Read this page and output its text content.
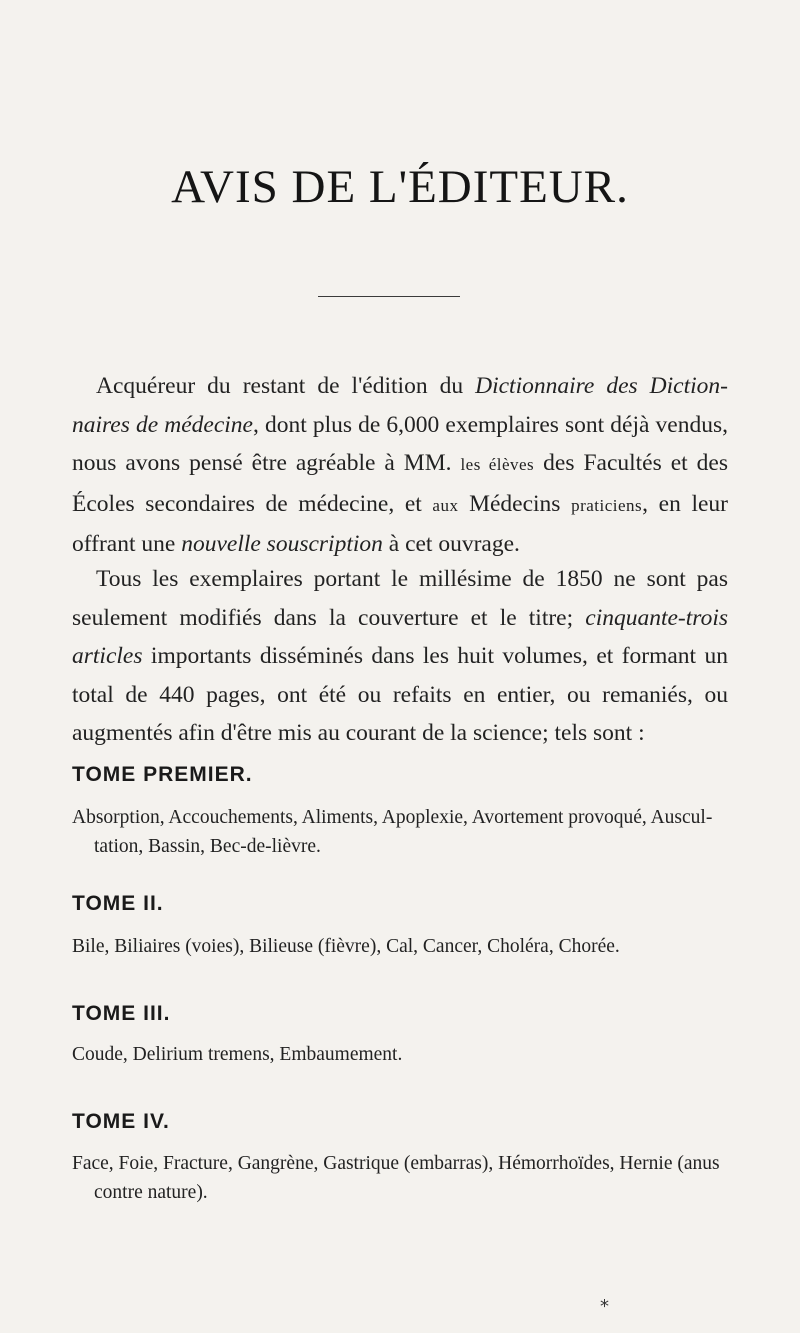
AVIS DE L'ÉDITEUR.

Acquéreur du restant de l'édition du Dictionnaire des Diction-naires de médecine, dont plus de 6,000 exemplaires sont déjà vendus, nous avons pensé être agréable à MM. les élèves des Facultés et des Écoles secondaires de médecine, et aux Médecins praticiens, en leur offrant une nouvelle souscription à cet ouvrage.

Tous les exemplaires portant le millésime de 1850 ne sont pas seulement modifiés dans la couverture et le titre; cinquante-trois articles importants disséminés dans les huit volumes, et formant un total de 440 pages, ont été ou refaits en entier, ou remaniés, ou augmentés afin d'être mis au courant de la science; tels sont :

TOME PREMIER.

Absorption, Accouchements, Aliments, Apoplexie, Avortement provoqué, Auscul-tation, Bassin, Bec-de-lièvre.

TOME II.

Bile, Biliaires (voies), Bilieuse (fièvre), Cal, Cancer, Choléra, Chorée.

TOME III.

Coude, Delirium tremens, Embaumement.

TOME IV.

Face, Foie, Fracture, Gangrène, Gastrique (embarras), Hémorrhoïdes, Hernie (anus contre nature).

*
